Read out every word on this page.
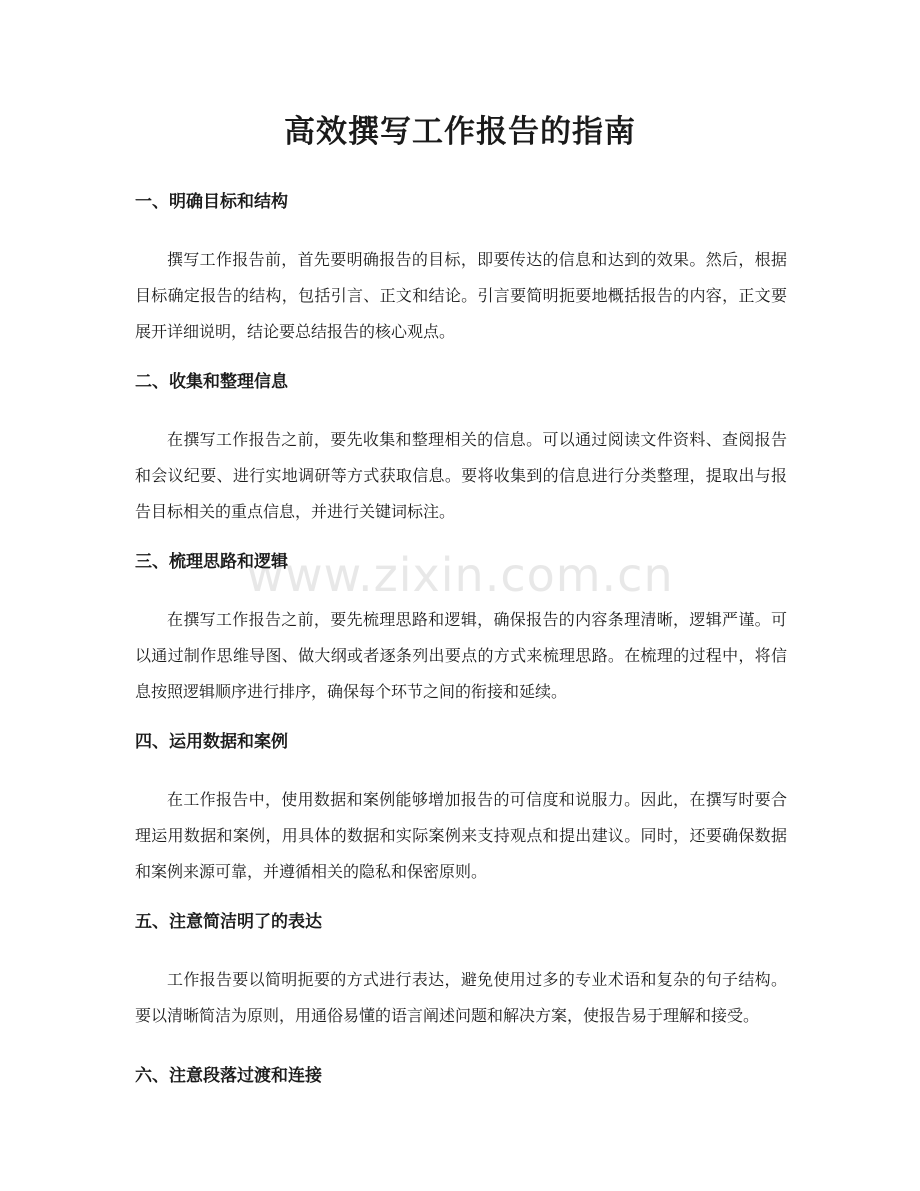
www.zixin.com.cn
高效撰写工作报告的指南
一、明确目标和结构

撰写工作报告前，首先要明确报告的目标，即要传达的信息和达到的效果。然后，根据目标确定报告的结构，包括引言、正文和结论。引言要简明扼要地概括报告的内容，正文要展开详细说明，结论要总结报告的核心观点。

二、收集和整理信息

在撰写工作报告之前，要先收集和整理相关的信息。可以通过阅读文件资料、查阅报告和会议纪要、进行实地调研等方式获取信息。要将收集到的信息进行分类整理，提取出与报告目标相关的重点信息，并进行关键词标注。

三、梳理思路和逻辑

在撰写工作报告之前，要先梳理思路和逻辑，确保报告的内容条理清晰，逻辑严谨。可以通过制作思维导图、做大纲或者逐条列出要点的方式来梳理思路。在梳理的过程中，将信息按照逻辑顺序进行排序，确保每个环节之间的衔接和延续。

四、运用数据和案例

在工作报告中，使用数据和案例能够增加报告的可信度和说服力。因此，在撰写时要合理运用数据和案例，用具体的数据和实际案例来支持观点和提出建议。同时，还要确保数据和案例来源可靠，并遵循相关的隐私和保密原则。

五、注意简洁明了的表达

工作报告要以简明扼要的方式进行表达，避免使用过多的专业术语和复杂的句子结构。要以清晰简洁为原则，用通俗易懂的语言阐述问题和解决方案，使报告易于理解和接受。

六、注意段落过渡和连接
